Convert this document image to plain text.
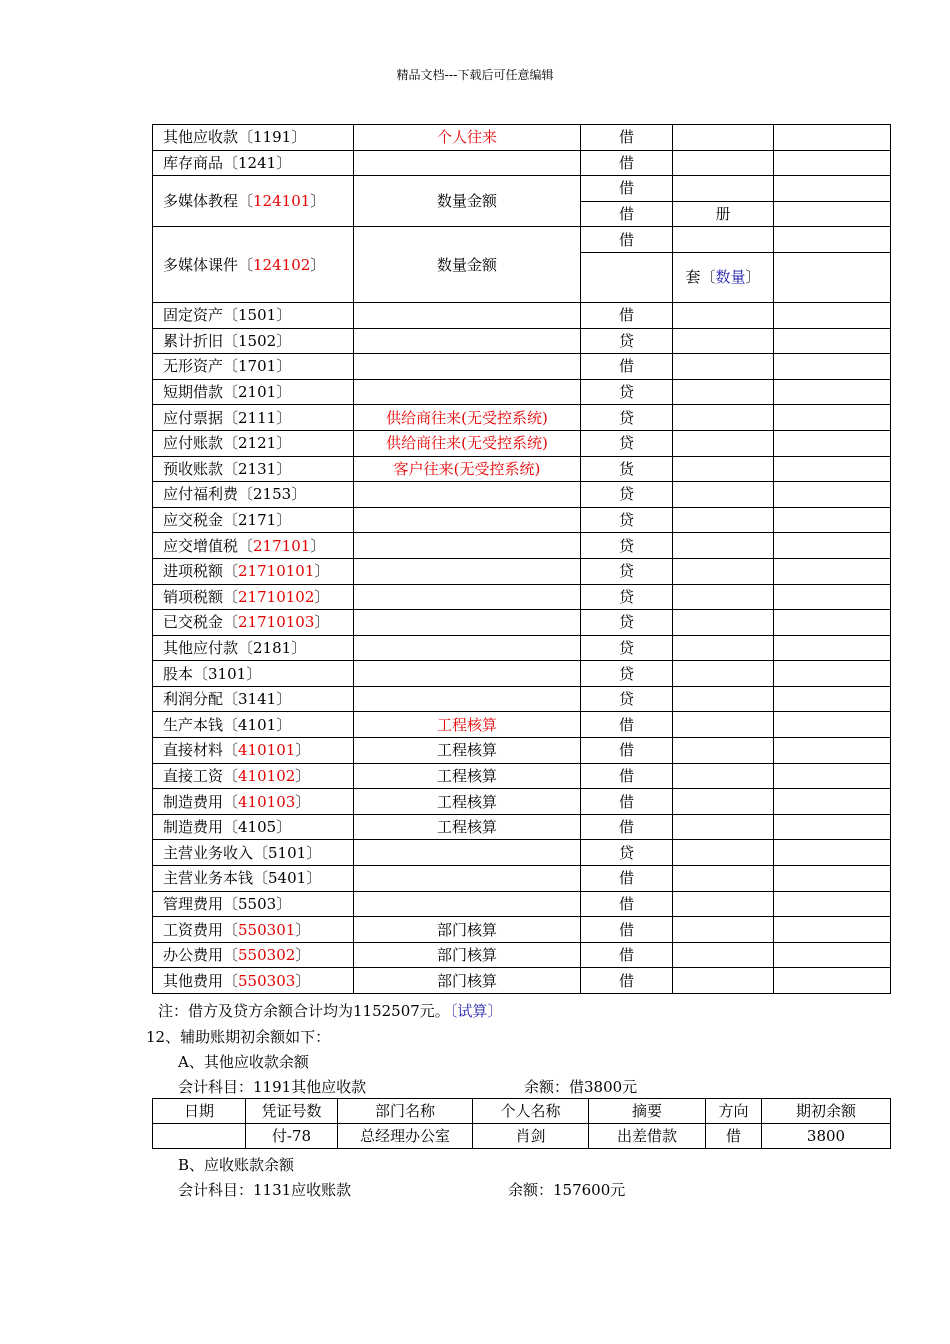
精品文档---下载后可任意编辑
其他应收款〔1191〕	个人往来	借		
库存商品〔1241〕		借		
多媒体教程〔124101〕	数量金额	借		
		借	册	
多媒体课件〔124102〕	数量金额	借		
			套〔数量〕	
固定资产〔1501〕		借		
累计折旧〔1502〕		贷		
无形资产〔1701〕		借		
短期借款〔2101〕		贷		
应付票据〔2111〕	供给商往来(无受控系统)	贷		
应付账款〔2121〕	供给商往来(无受控系统)	贷		
预收账款〔2131〕	客户往来(无受控系统)	货		
应付福利费〔2153〕		贷		
应交税金〔2171〕		贷		
应交增值税〔217101〕		贷		
进项税额〔21710101〕		贷		
销项税额〔21710102〕		贷		
已交税金〔21710103〕		贷		
其他应付款〔2181〕		贷		
股本〔3101〕		贷		
利润分配〔3141〕		贷		
生产本钱〔4101〕	工程核算	借		
直接材料〔410101〕	工程核算	借		
直接工资〔410102〕	工程核算	借		
制造费用〔410103〕	工程核算	借		
制造费用〔4105〕	工程核算	借		
主营业务收入〔5101〕		贷		
主营业务本钱〔5401〕		借		
管理费用〔5503〕		借		
工资费用〔550301〕	部门核算	借		
办公费用〔550302〕	部门核算	借		
其他费用〔550303〕	部门核算	借		
注：借方及贷方余额合计均为1152507元。〔试算〕
12、辅助账期初余额如下：
A、其他应收款余额
会计科目：1191其他应收款	余额：借3800元
日期	凭证号数	部门名称	个人名称	摘要	方向	期初余额
	付-78	总经理办公室	肖剑	出差借款	借	3800
B、应收账款余额
会计科目：1131应收账款	余额：157600元
